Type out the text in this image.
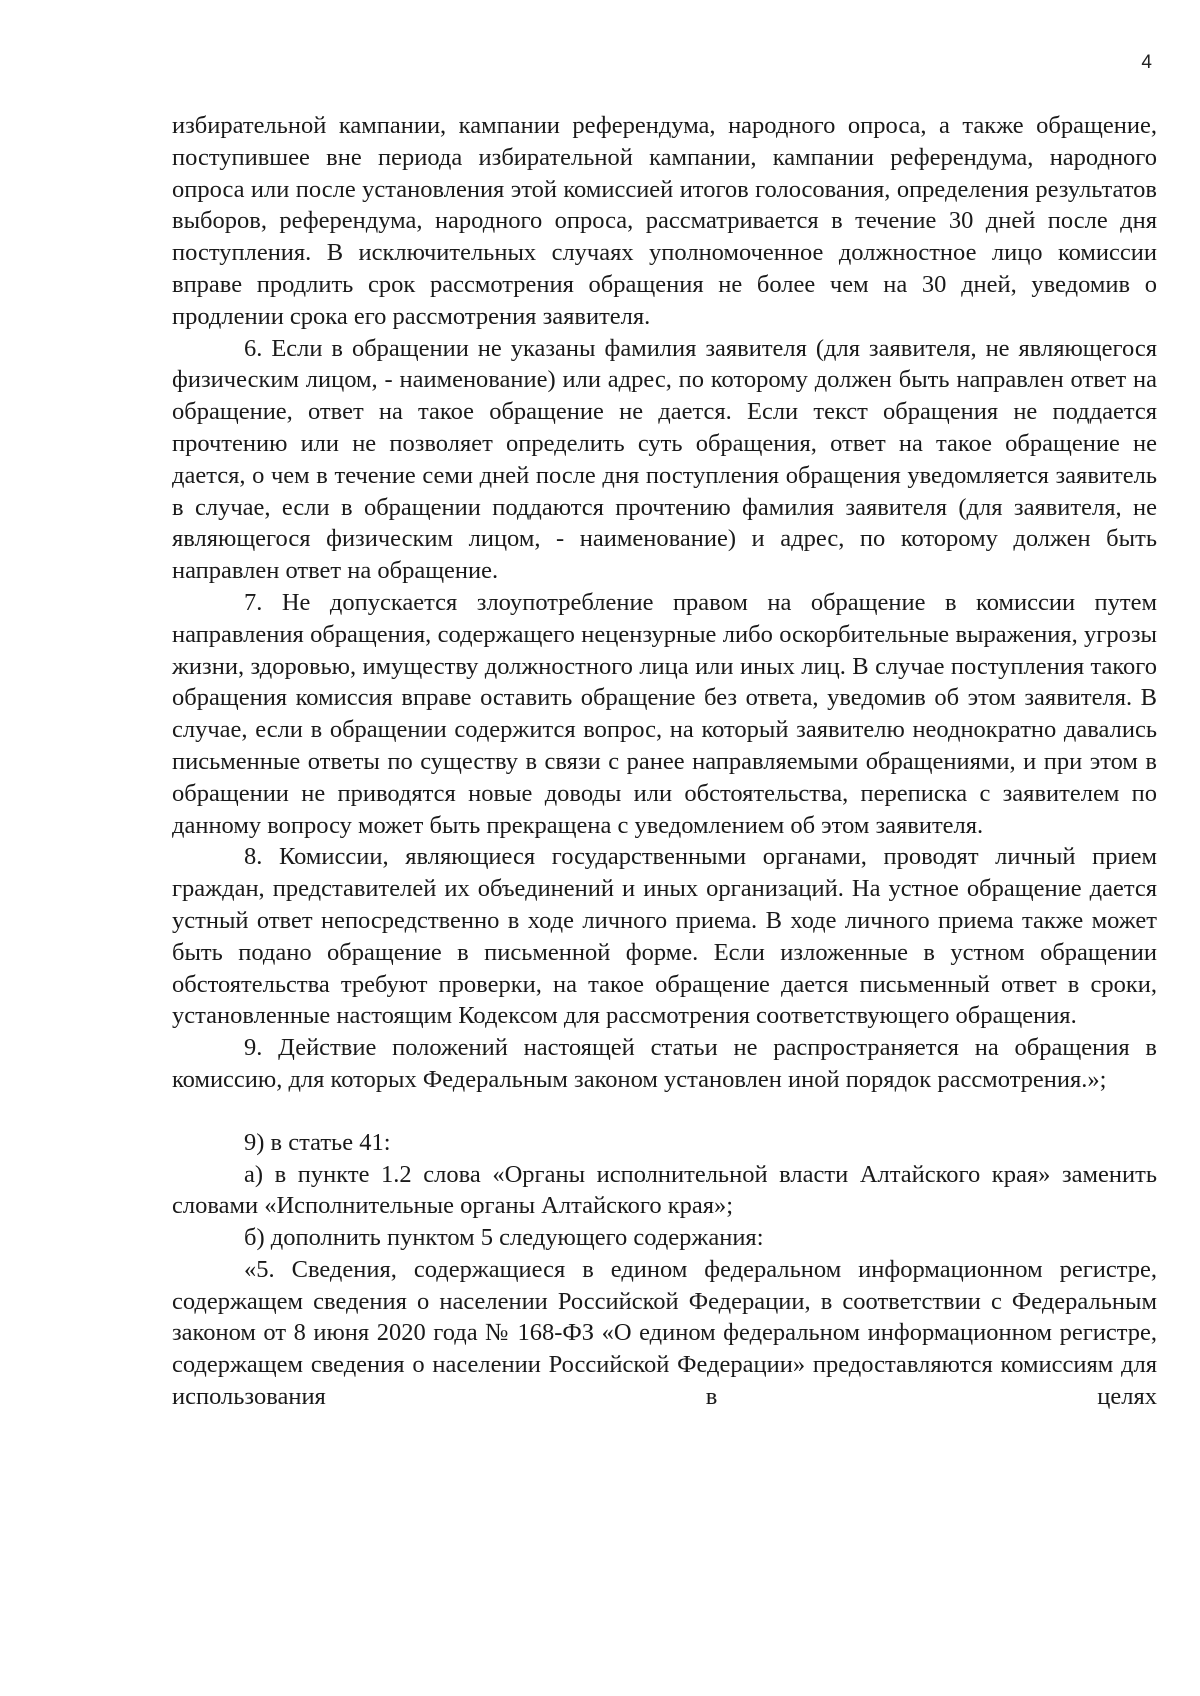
4

избирательной кампании, кампании референдума, народного опроса, а также обращение, поступившее вне периода избирательной кампании, кампании референдума, народного опроса или после установления этой комиссией итогов голосования, определения результатов выборов, референдума, народного опроса, рассматривается в течение 30 дней после дня поступления. В исключительных случаях уполномоченное должностное лицо комиссии вправе продлить срок рассмотрения обращения не более чем на 30 дней, уведомив о продлении срока его рассмотрения заявителя.

6. Если в обращении не указаны фамилия заявителя (для заявителя, не являющегося физическим лицом, - наименование) или адрес, по которому должен быть направлен ответ на обращение, ответ на такое обращение не дается. Если текст обращения не поддается прочтению или не позволяет определить суть обращения, ответ на такое обращение не дается, о чем в течение семи дней после дня поступления обращения уведомляется заявитель в случае, если в обращении поддаются прочтению фамилия заявителя (для заявителя, не являющегося физическим лицом, - наименование) и адрес, по которому должен быть направлен ответ на обращение.

7. Не допускается злоупотребление правом на обращение в комиссии путем направления обращения, содержащего нецензурные либо оскорбительные выражения, угрозы жизни, здоровью, имуществу должностного лица или иных лиц. В случае поступления такого обращения комиссия вправе оставить обращение без ответа, уведомив об этом заявителя. В случае, если в обращении содержится вопрос, на который заявителю неоднократно давались письменные ответы по существу в связи с ранее направляемыми обращениями, и при этом в обращении не приводятся новые доводы или обстоятельства, переписка с заявителем по данному вопросу может быть прекращена с уведомлением об этом заявителя.

8. Комиссии, являющиеся государственными органами, проводят личный прием граждан, представителей их объединений и иных организаций. На устное обращение дается устный ответ непосредственно в ходе личного приема. В ходе личного приема также может быть подано обращение в письменной форме. Если изложенные в устном обращении обстоятельства требуют проверки, на такое обращение дается письменный ответ в сроки, установленные настоящим Кодексом для рассмотрения соответствующего обращения.

9. Действие положений настоящей статьи не распространяется на обращения в комиссию, для которых Федеральным законом установлен иной порядок рассмотрения.»;

9) в статье 41:

а) в пункте 1.2 слова «Органы исполнительной власти Алтайского края» заменить словами «Исполнительные органы Алтайского края»;

б) дополнить пунктом 5 следующего содержания:

«5. Сведения, содержащиеся в едином федеральном информационном регистре, содержащем сведения о населении Российской Федерации, в соответствии с Федеральным законом от 8 июня 2020 года № 168-ФЗ «О едином федеральном информационном регистре, содержащем сведения о населении Российской Федерации» предоставляются комиссиям для использования в целях
